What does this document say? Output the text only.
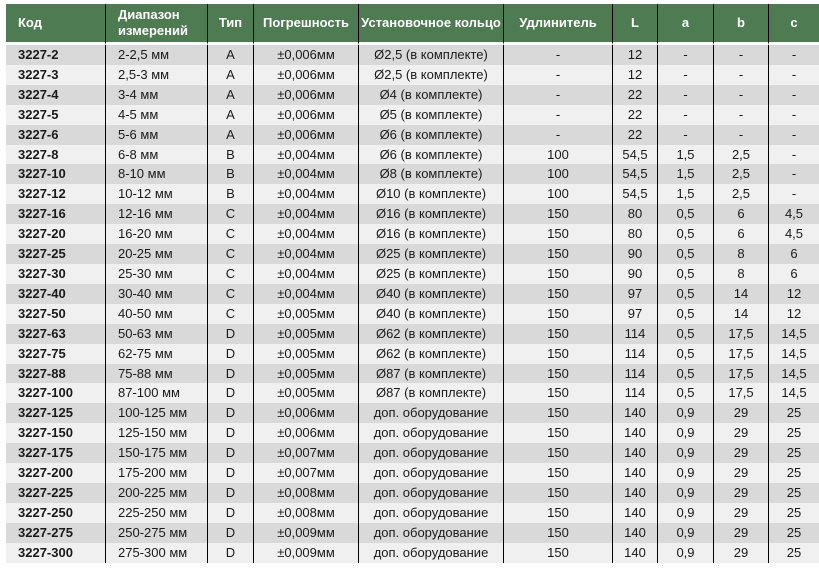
Код	Диапазон измерений	Тип	Погрешность	Установочное кольцо	Удлинитель	L	a	b	c
3227-2	2-2,5 мм	A	±0,006мм	Ø2,5 (в комплекте)	-	12	-	-	-
3227-3	2,5-3 мм	A	±0,006мм	Ø2,5 (в комплекте)	-	12	-	-	-
3227-4	3-4 мм	A	±0,006мм	Ø4 (в комплекте)	-	22	-	-	-
3227-5	4-5 мм	A	±0,006мм	Ø5 (в комплекте)	-	22	-	-	-
3227-6	5-6 мм	A	±0,006мм	Ø6 (в комплекте)	-	22	-	-	-
3227-8	6-8 мм	B	±0,004мм	Ø6 (в комплекте)	100	54,5	1,5	2,5	-
3227-10	8-10 мм	B	±0,004мм	Ø8 (в комплекте)	100	54,5	1,5	2,5	-
3227-12	10-12 мм	B	±0,004мм	Ø10 (в комплекте)	100	54,5	1,5	2,5	-
3227-16	12-16 мм	C	±0,004мм	Ø16 (в комплекте)	150	80	0,5	6	4,5
3227-20	16-20 мм	C	±0,004мм	Ø16 (в комплекте)	150	80	0,5	6	4,5
3227-25	20-25 мм	C	±0,004мм	Ø25 (в комплекте)	150	90	0,5	8	6
3227-30	25-30 мм	C	±0,004мм	Ø25 (в комплекте)	150	90	0,5	8	6
3227-40	30-40 мм	C	±0,004мм	Ø40 (в комплекте)	150	97	0,5	14	12
3227-50	40-50 мм	C	±0,005мм	Ø40 (в комплекте)	150	97	0,5	14	12
3227-63	50-63 мм	D	±0,005мм	Ø62 (в комплекте)	150	114	0,5	17,5	14,5
3227-75	62-75 мм	D	±0,005мм	Ø62 (в комплекте)	150	114	0,5	17,5	14,5
3227-88	75-88 мм	D	±0,005мм	Ø87 (в комплекте)	150	114	0,5	17,5	14,5
3227-100	87-100 мм	D	±0,005мм	Ø87 (в комплекте)	150	114	0,5	17,5	14,5
3227-125	100-125 мм	D	±0,006мм	доп. оборудование	150	140	0,9	29	25
3227-150	125-150 мм	D	±0,006мм	доп. оборудование	150	140	0,9	29	25
3227-175	150-175 мм	D	±0,007мм	доп. оборудование	150	140	0,9	29	25
3227-200	175-200 мм	D	±0,007мм	доп. оборудование	150	140	0,9	29	25
3227-225	200-225 мм	D	±0,008мм	доп. оборудование	150	140	0,9	29	25
3227-250	225-250 мм	D	±0,008мм	доп. оборудование	150	140	0,9	29	25
3227-275	250-275 мм	D	±0,009мм	доп. оборудование	150	140	0,9	29	25
3227-300	275-300 мм	D	±0,009мм	доп. оборудование	150	140	0,9	29	25
